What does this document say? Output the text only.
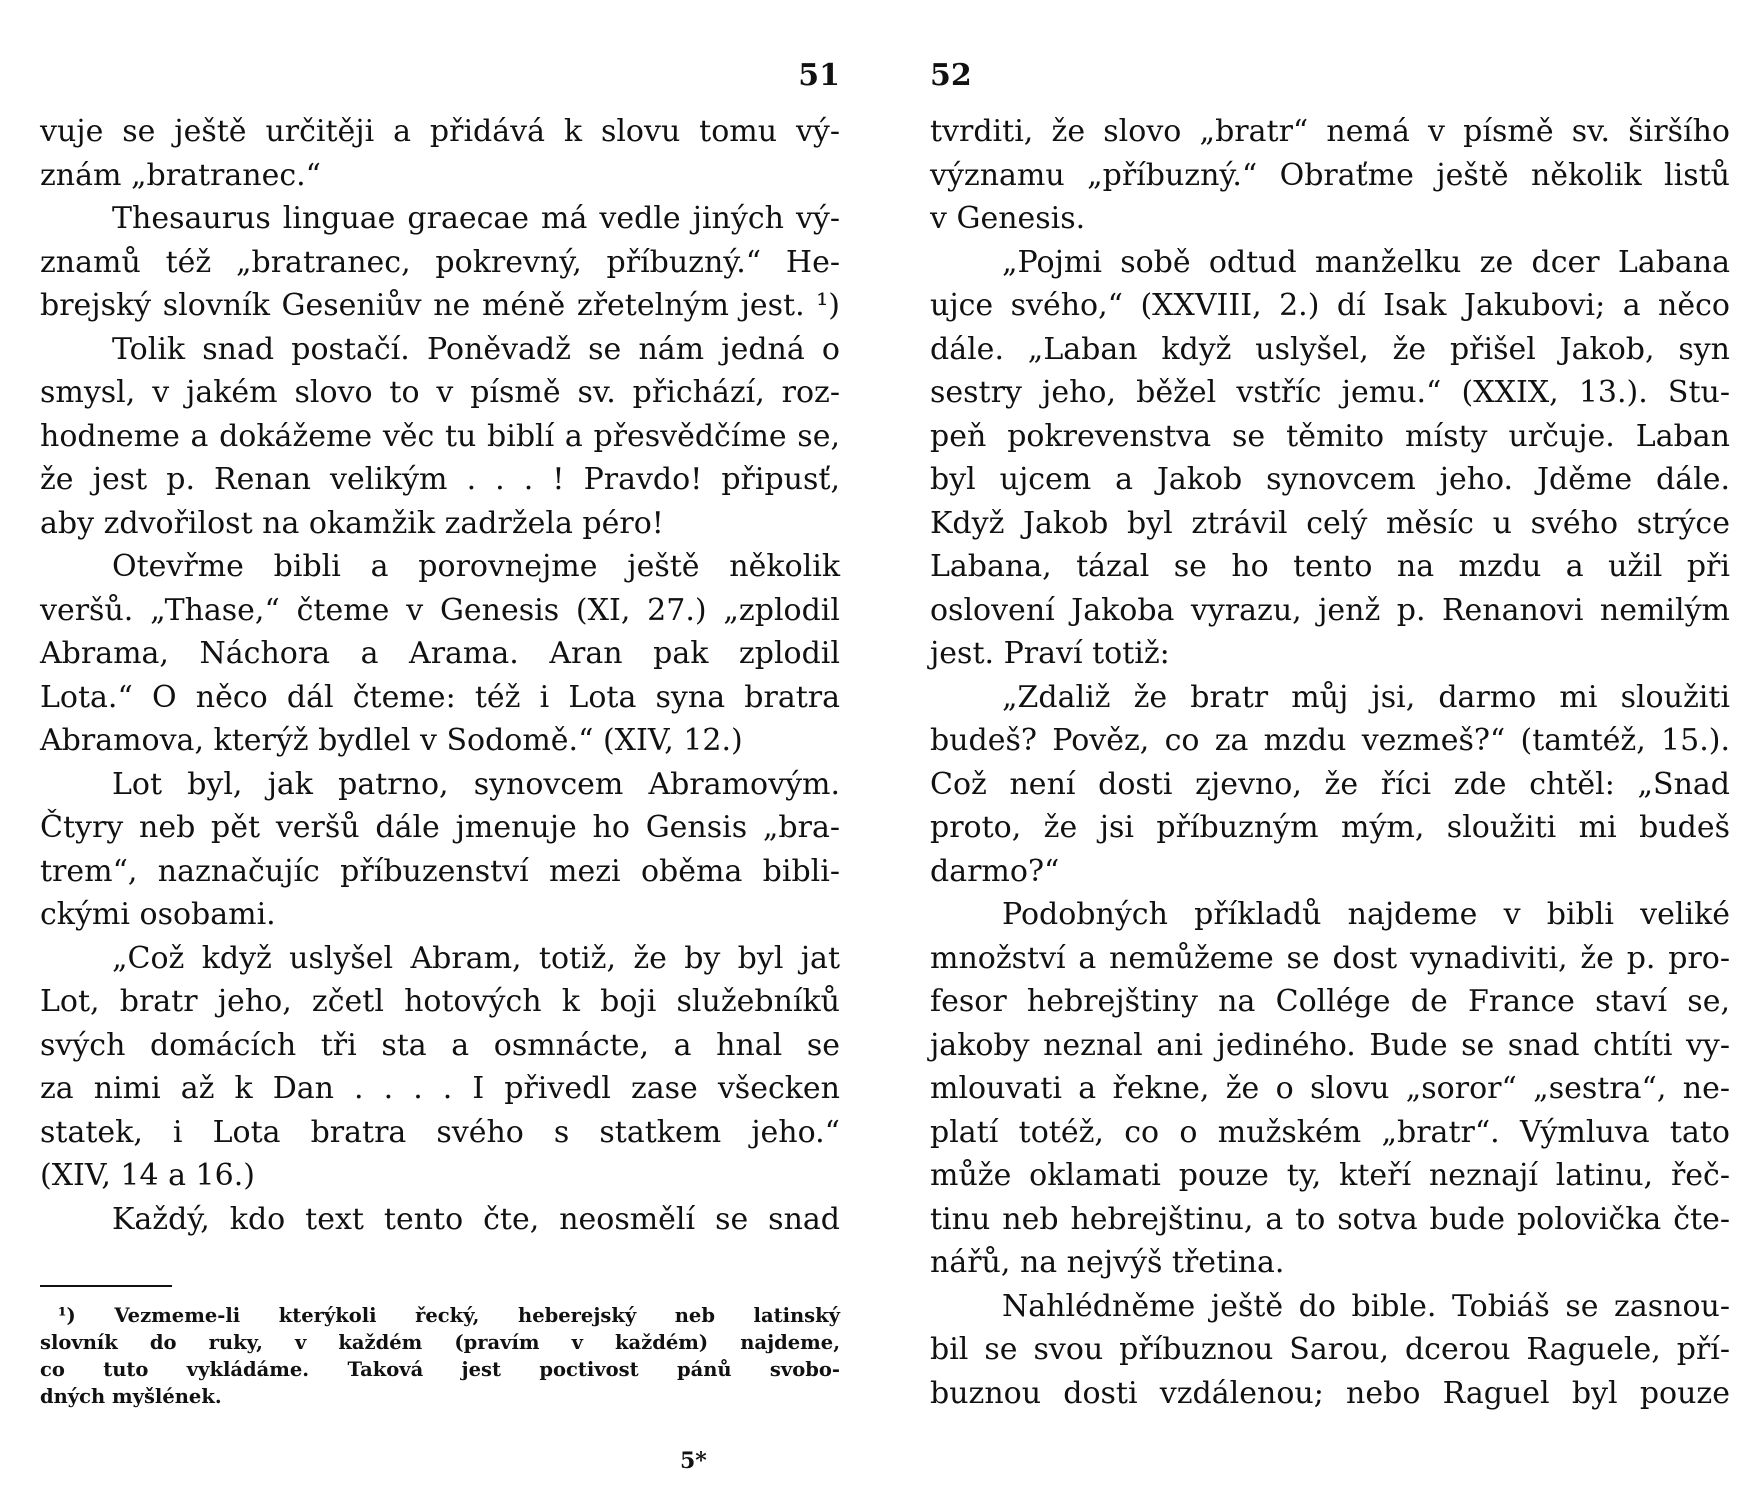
51
vuje se ještě určitěji a přidává k slovu tomu vý-
znám „bratranec.“
Thesaurus linguae graecae má vedle jiných vý-
znamů též „bratranec, pokrevný, příbuzný.“ He-
brejský slovník Geseniův ne méně zřetelným jest. ¹)
Tolik snad postačí. Poněvadž se nám jedná o
smysl, v jakém slovo to v písmě sv. přichází, roz-
hodneme a dokážeme věc tu biblí a přesvědčíme se,
že jest p. Renan velikým . . . ! Pravdo! připusť,
aby zdvořilost na okamžik zadržela péro!
Otevřme bibli a porovnejme ještě několik
veršů. „Thase,“ čteme v Genesis (XI, 27.) „zplodil
Abrama, Náchora a Arama. Aran pak zplodil
Lota.“ O něco dál čteme: též i Lota syna bratra
Abramova, kterýž bydlel v Sodomě.“ (XIV, 12.)
Lot byl, jak patrno, synovcem Abramovým.
Čtyry neb pět veršů dále jmenuje ho Gensis „bra-
trem“, naznačujíc příbuzenství mezi oběma bibli-
ckými osobami.
„Což když uslyšel Abram, totiž, že by byl jat
Lot, bratr jeho, zčetl hotových k boji služebníků
svých domácích tři sta a osmnácte, a hnal se
za nimi až k Dan . . . . I přivedl zase všecken
statek, i Lota bratra svého s statkem jeho.“
(XIV, 14 a 16.)
Každý, kdo text tento čte, neosmělí se snad
¹) Vezmeme-li kterýkoli řecký, heberejský neb latinský
slovník do ruky, v každém (pravím v každém) najdeme,
co tuto vykládáme. Taková jest poctivost pánů svobo-
dných myšlének.
5*
52
tvrditi, že slovo „bratr“ nemá v písmě sv. širšího
významu „příbuzný.“ Obraťme ještě několik listů
v Genesis.
„Pojmi sobě odtud manželku ze dcer Labana
ujce svého,“ (XXVIII, 2.) dí Isak Jakubovi; a něco
dále. „Laban když uslyšel, že přišel Jakob, syn
sestry jeho, běžel vstříc jemu.“ (XXIX, 13.). Stu-
peň pokrevenstva se těmito místy určuje. Laban
byl ujcem a Jakob synovcem jeho. Jděme dále.
Když Jakob byl ztrávil celý měsíc u svého strýce
Labana, tázal se ho tento na mzdu a užil při
oslovení Jakoba vyrazu, jenž p. Renanovi nemilým
jest. Praví totiž:
„Zdaliž že bratr můj jsi, darmo mi sloužiti
budeš? Pověz, co za mzdu vezmeš?“ (tamtéž, 15.).
Což není dosti zjevno, že říci zde chtěl: „Snad
proto, že jsi příbuzným mým, sloužiti mi budeš
darmo?“
Podobných příkladů najdeme v bibli veliké
množství a nemůžeme se dost vynadiviti, že p. pro-
fesor hebrejštiny na Collége de France staví se,
jakoby neznal ani jediného. Bude se snad chtíti vy-
mlouvati a řekne, že o slovu „soror“ „sestra“, ne-
platí totéž, co o mužském „bratr“. Výmluva tato
může oklamati pouze ty, kteří neznají latinu, řeč-
tinu neb hebrejštinu, a to sotva bude polovička čte-
nářů, na nejvýš třetina.
Nahlédněme ještě do bible. Tobiáš se zasnou-
bil se svou příbuznou Sarou, dcerou Raguele, pří-
buznou dosti vzdálenou; nebo Raguel byl pouze
